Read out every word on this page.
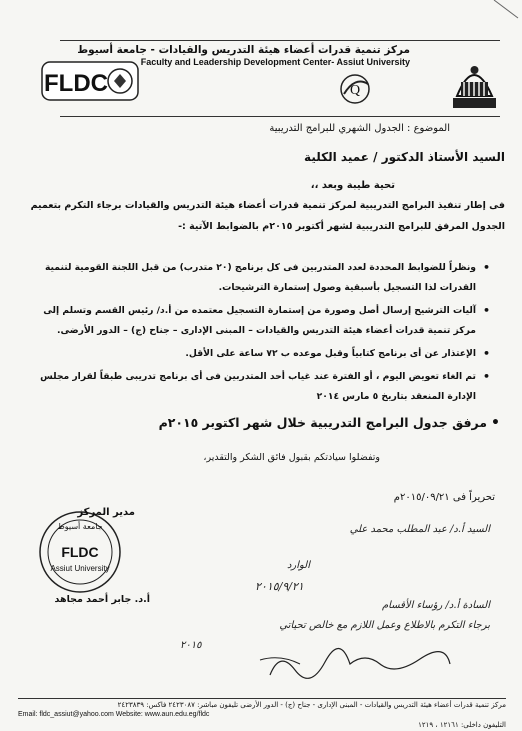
مركز تنمية قدرات أعضاء هيئة التدريس والقيادات - جامعة أسيوط
Faculty and Leadership Development Center- Assiut University
FLDC	Q
الموضوع : الجدول الشهري للبرامج التدريبية
السيد الأستاذ الدكتور / عميد الكلية
تحية طيبة وبعد ،،
فى إطار تنفيذ البرامج التدريبية لمركز تنمية قدرات أعضاء هيئة التدريس والقيادات برجاء التكرم بتعميم الجدول المرفق للبرامج التدريبية لشهر أكتوبر ٢٠١٥م بالضوابط الآتية :-
• ونظراً للضوابط المحددة لعدد المتدربين فى كل برنامج (٢٠ متدرب) من قبل اللجنة القومية لتنمية القدرات لذا التسجيل بأسبقية وصول إستمارة الترشيحات.
• آليات الترشيح إرسال أصل وصورة من إستمارة التسجيل معتمده من أ.د/ رئيس القسم وتسلم إلى مركز تنمية قدرات أعضاء هيئة التدريس والقيادات – المبنى الإدارى – جناح (ج) – الدور الأرضى.
• الإعتذار عن أى برنامج كتابياً وقبل موعده ب ٧٢ ساعة على الأقل.
• تم الغاء تعويض اليوم ، أو الفترة عند غياب أحد المتدربين فى أى برنامج تدريبى طبقاً لقرار مجلس الإدارة المنعقد بتاريخ ٥ مارس ٢٠١٤
•مرفق جدول البرامج التدريبية خلال شهر اكتوبر ٢٠١٥م
وتفضلوا سيادتكم بقبول فائق الشكر والتقدير،
تحريراً فى ٢٠١٥/٠٩/٢١م
جامعة أسيوط
FLDC
Assiut University
مدير المركز
أ.د. جابر أحمد مجاهد
السيد أ.د/ عبد المطلب محمد علي
الوارد
٢٠١٥/٩/٢١
السادة أ.د/ رؤساء الأقسام
برجاء التكرم بالاطلاع وعمل اللازم مع خالص تحياتي
٢٠١٥
مركز تنمية قدرات أعضاء هيئة التدريس والقيادات - المبنى الإدارى - جناح (ج) - الدور الأرضى تليفون مباشر: ٢٤٢٣٠٨٧ فاكس: ٢٤٢٣٨٣٩
Email: fldc_assiut@yahoo.com Website: www.aun.edu.eg/fldc
التليفون داخلى: ١٢١٦١ ، ١٢١٩
